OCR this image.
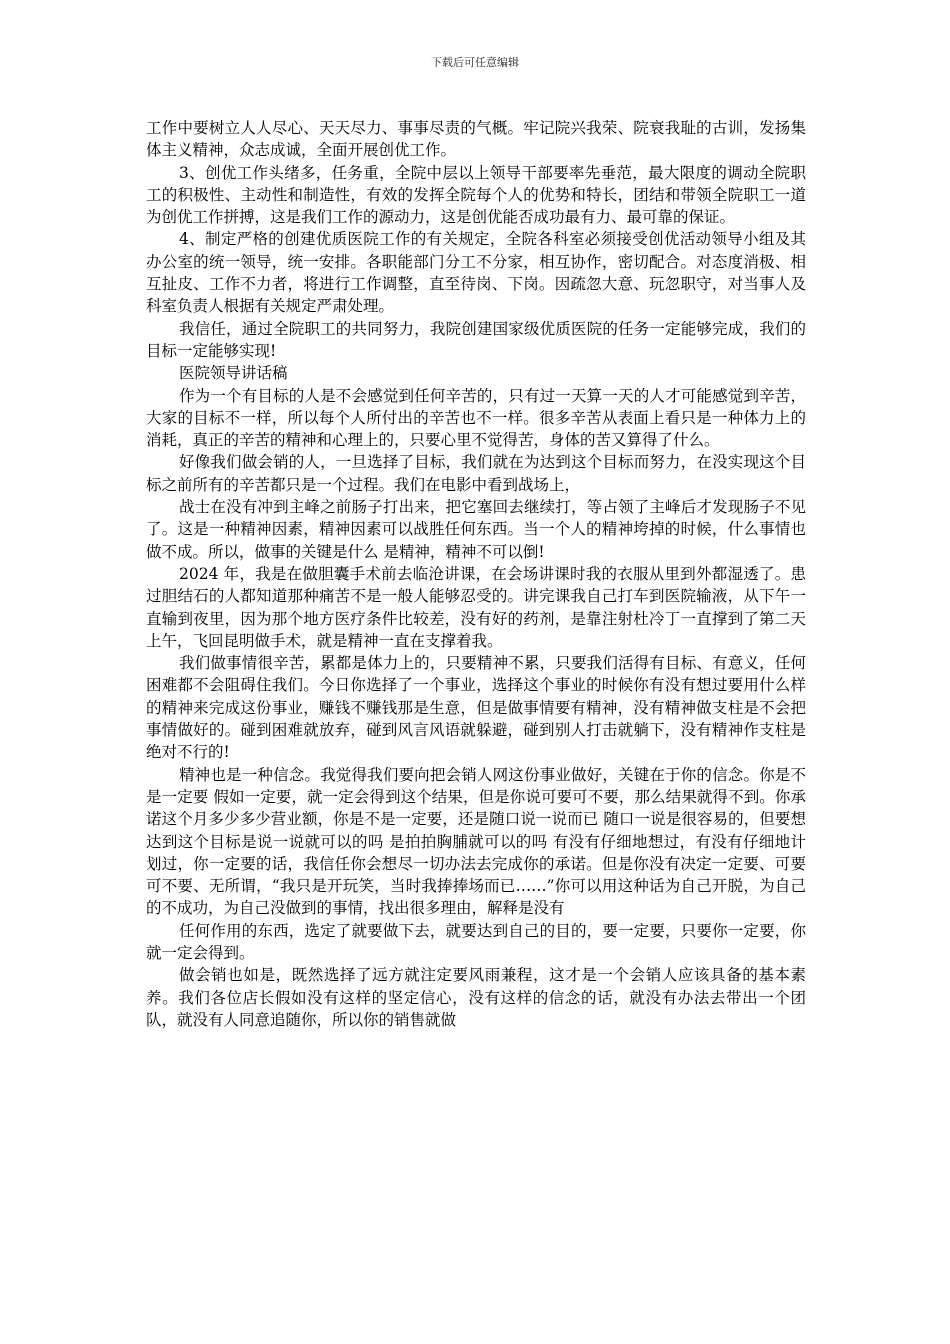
下载后可任意编辑

工作中要树立人人尽心、天天尽力、事事尽责的气概。牢记院兴我荣、院衰我耻的古训，发扬集体主义精神，众志成诚，全面开展创优工作。

3、创优工作头绪多，任务重，全院中层以上领导干部要率先垂范，最大限度的调动全院职工的积极性、主动性和制造性，有效的发挥全院每个人的优势和特长，团结和带领全院职工一道为创优工作拼搏，这是我们工作的源动力，这是创优能否成功最有力、最可靠的保证。

4、制定严格的创建优质医院工作的有关规定，全院各科室必须接受创优活动领导小组及其办公室的统一领导，统一安排。各职能部门分工不分家，相互协作，密切配合。对态度消极、相互扯皮、工作不力者，将进行工作调整，直至待岗、下岗。因疏忽大意、玩忽职守，对当事人及科室负责人根据有关规定严肃处理。

我信任，通过全院职工的共同努力，我院创建国家级优质医院的任务一定能够完成，我们的目标一定能够实现!

医院领导讲话稿

作为一个有目标的人是不会感觉到任何辛苦的，只有过一天算一天的人才可能感觉到辛苦，大家的目标不一样，所以每个人所付出的辛苦也不一样。很多辛苦从表面上看只是一种体力上的消耗，真正的辛苦的精神和心理上的，只要心里不觉得苦，身体的苦又算得了什么。

好像我们做会销的人，一旦选择了目标，我们就在为达到这个目标而努力，在没实现这个目标之前所有的辛苦都只是一个过程。我们在电影中看到战场上，

战士在没有冲到主峰之前肠子打出来，把它塞回去继续打，等占领了主峰后才发现肠子不见了。这是一种精神因素，精神因素可以战胜任何东西。当一个人的精神垮掉的时候，什么事情也做不成。所以，做事的关键是什么 是精神，精神不可以倒!

2024 年，我是在做胆囊手术前去临沧讲课，在会场讲课时我的衣服从里到外都湿透了。患过胆结石的人都知道那种痛苦不是一般人能够忍受的。讲完课我自己打车到医院输液，从下午一直输到夜里，因为那个地方医疗条件比较差，没有好的药剂，是靠注射杜冷丁一直撑到了第二天上午，飞回昆明做手术，就是精神一直在支撑着我。

我们做事情很辛苦，累都是体力上的，只要精神不累，只要我们活得有目标、有意义，任何困难都不会阻碍住我们。今日你选择了一个事业，选择这个事业的时候你有没有想过要用什么样的精神来完成这份事业，赚钱不赚钱那是生意，但是做事情要有精神，没有精神做支柱是不会把事情做好的。碰到困难就放弃，碰到风言风语就躲避，碰到别人打击就躺下，没有精神作支柱是绝对不行的!

精神也是一种信念。我觉得我们要向把会销人网这份事业做好，关键在于你的信念。你是不是一定要 假如一定要，就一定会得到这个结果，但是你说可要可不要，那么结果就得不到。你承诺这个月多少多少营业额，你是不是一定要，还是随口说一说而已 随口一说是很容易的，但要想达到这个目标是说一说就可以的吗 是拍拍胸脯就可以的吗 有没有仔细地想过，有没有仔细地计划过，你一定要的话，我信任你会想尽一切办法去完成你的承诺。但是你没有决定一定要、可要可不要、无所谓，“我只是开玩笑，当时我捧捧场而已……”你可以用这种话为自己开脱，为自己的不成功，为自己没做到的事情，找出很多理由，解释是没有

任何作用的东西，选定了就要做下去，就要达到自己的目的，要一定要，只要你一定要，你就一定会得到。

做会销也如是，既然选择了远方就注定要风雨兼程，这才是一个会销人应该具备的基本素养。我们各位店长假如没有这样的坚定信心，没有这样的信念的话，就没有办法去带出一个团队，就没有人同意追随你，所以你的销售就做
